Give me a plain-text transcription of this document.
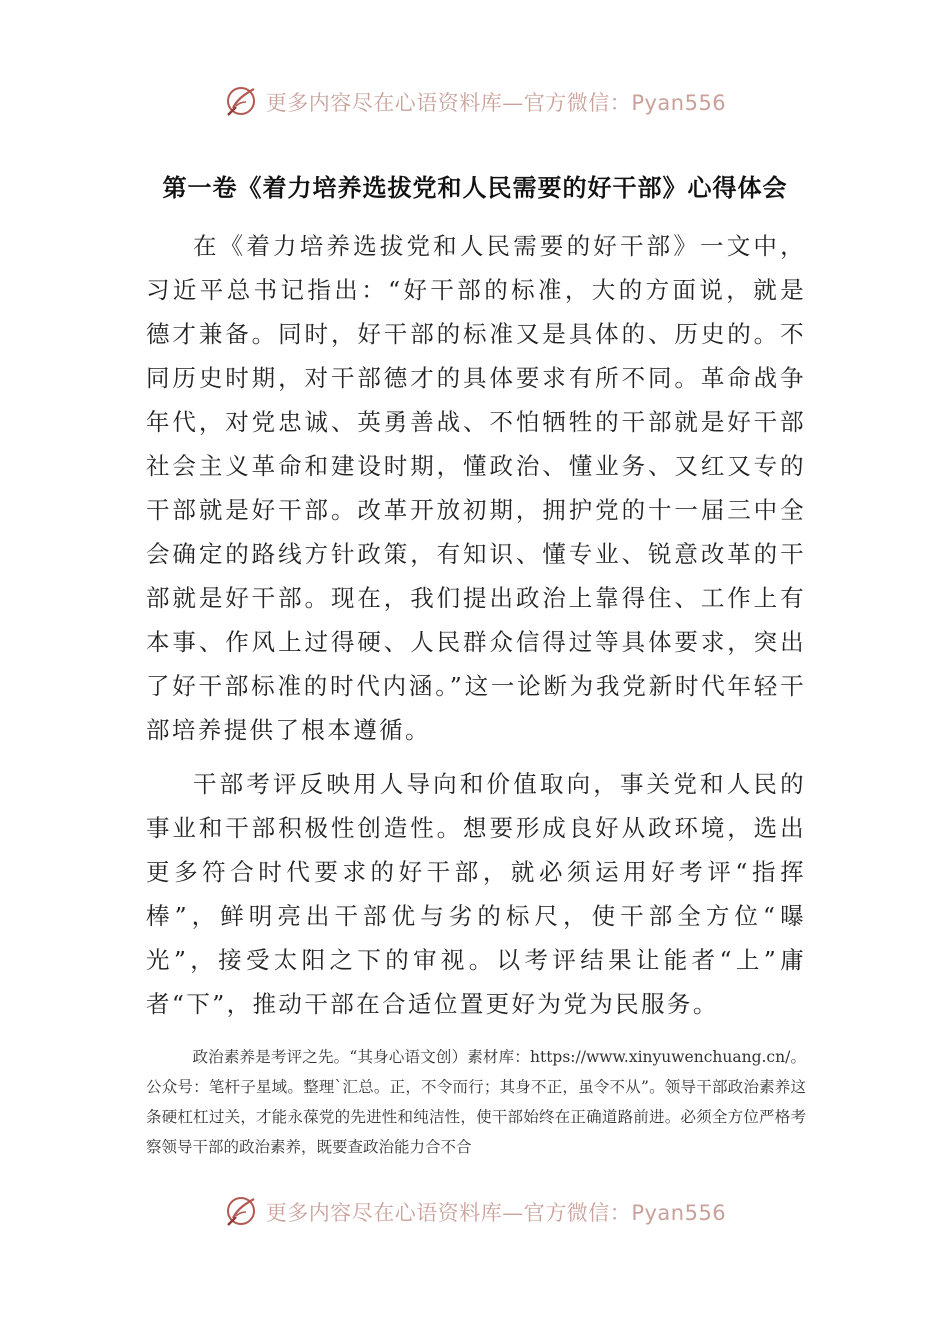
更多内容尽在心语资料库—官方微信：Pyan556
第一卷《着力培养选拔党和人民需要的好干部》心得体会

在《着力培养选拔党和人民需要的好干部》一文中，习近平总书记指出：“好干部的标准，大的方面说，就是德才兼备。同时，好干部的标准又是具体的、历史的。不同历史时期，对干部德才的具体要求有所不同。革命战争年代，对党忠诚、英勇善战、不怕牺牲的干部就是好干部社会主义革命和建设时期，懂政治、懂业务、又红又专的干部就是好干部。改革开放初期，拥护党的十一届三中全会确定的路线方针政策，有知识、懂专业、锐意改革的干部就是好干部。现在，我们提出政治上靠得住、工作上有本事、作风上过得硬、人民群众信得过等具体要求，突出了好干部标准的时代内涵。”这一论断为我党新时代年轻干部培养提供了根本遵循。

干部考评反映用人导向和价值取向，事关党和人民的事业和干部积极性创造性。想要形成良好从政环境，选出更多符合时代要求的好干部，就必须运用好考评“指挥棒”，鲜明亮出干部优与劣的标尺，使干部全方位“曝光”，接受太阳之下的审视。以考评结果让能者“上”庸者“下”，推动干部在合适位置更好为党为民服务。

政治素养是考评之先。“其身心语文创）素材库：https://www.xinyuwenchuang.cn/。公众号：笔杆子星域。整理`汇总。正，不令而行；其身不正，虽令不从”。领导干部政治素养这条硬杠杠过关，才能永葆党的先进性和纯洁性，使干部始终在正确道路前进。必须全方位严格考察领导干部的政治素养，既要查政治能力合不合

更多内容尽在心语资料库—官方微信：Pyan556
